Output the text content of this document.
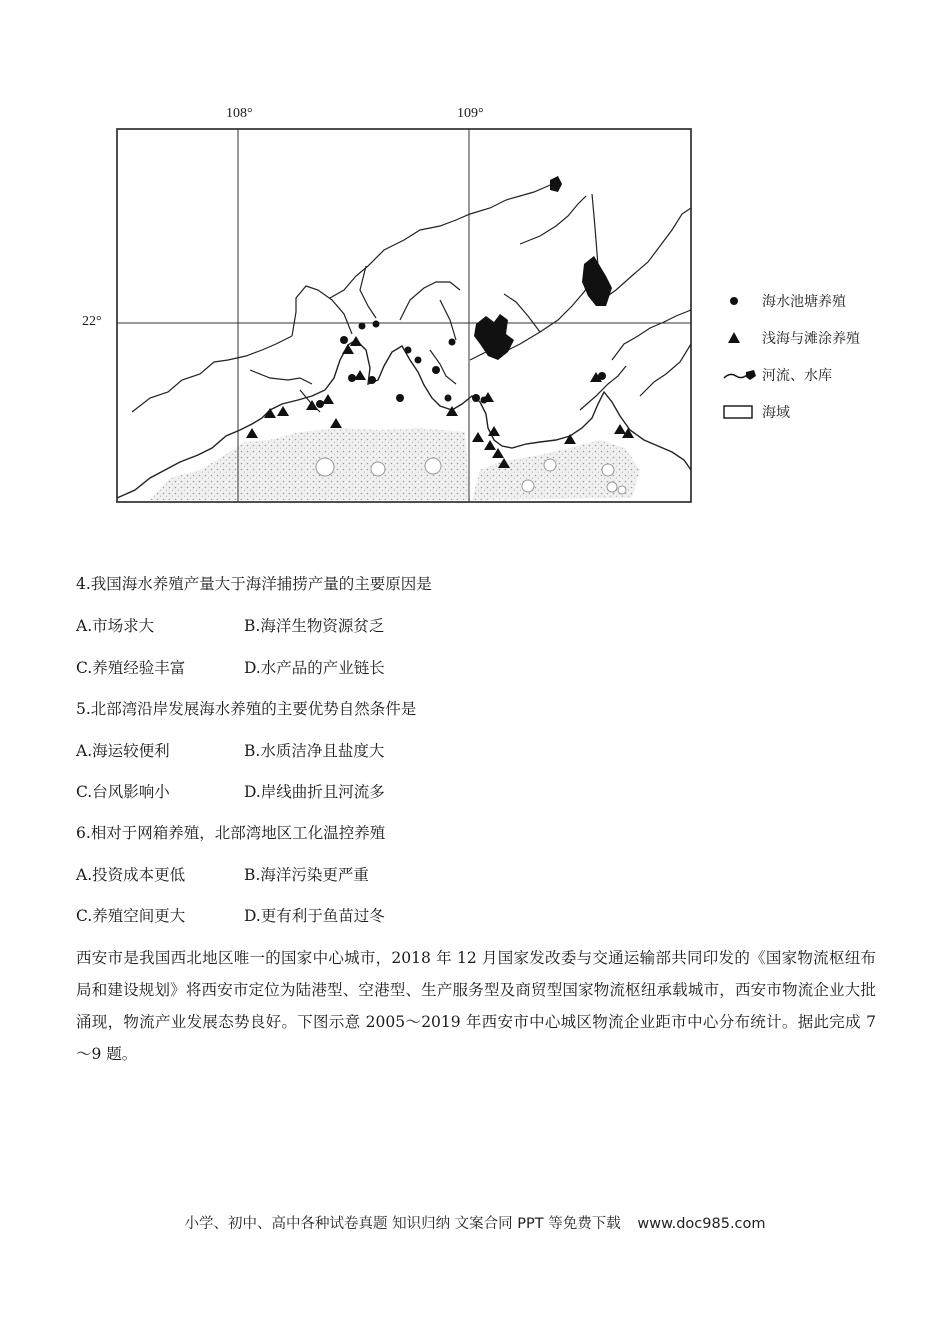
108°	109°
22°
海水池塘养殖
浅海与滩涂养殖
河流、水库
海域
4.我国海水养殖产量大于海洋捕捞产量的主要原因是
A.市场求大	B.海洋生物资源贫乏
C.养殖经验丰富	D.水产品的产业链长
5.北部湾沿岸发展海水养殖的主要优势自然条件是
A.海运较便利	B.水质洁净且盐度大
C.台风影响小	D.岸线曲折且河流多
6.相对于网箱养殖，北部湾地区工化温控养殖
A.投资成本更低	B.海洋污染更严重
C.养殖空间更大	D.更有利于鱼苗过冬

西安市是我国西北地区唯一的国家中心城市，2018 年 12 月国家发改委与交通运输部共同印发的《国家物流枢纽布局和建设规划》将西安市定位为陆港型、空港型、生产服务型及商贸型国家物流枢纽承载城市，西安市物流企业大批涌现，物流产业发展态势良好。下图示意 2005～2019 年西安市中心城区物流企业距市中心分布统计。据此完成 7～9 题。

小学、初中、高中各种试卷真题 知识归纳 文案合同 PPT 等免费下载 www.doc985.com
